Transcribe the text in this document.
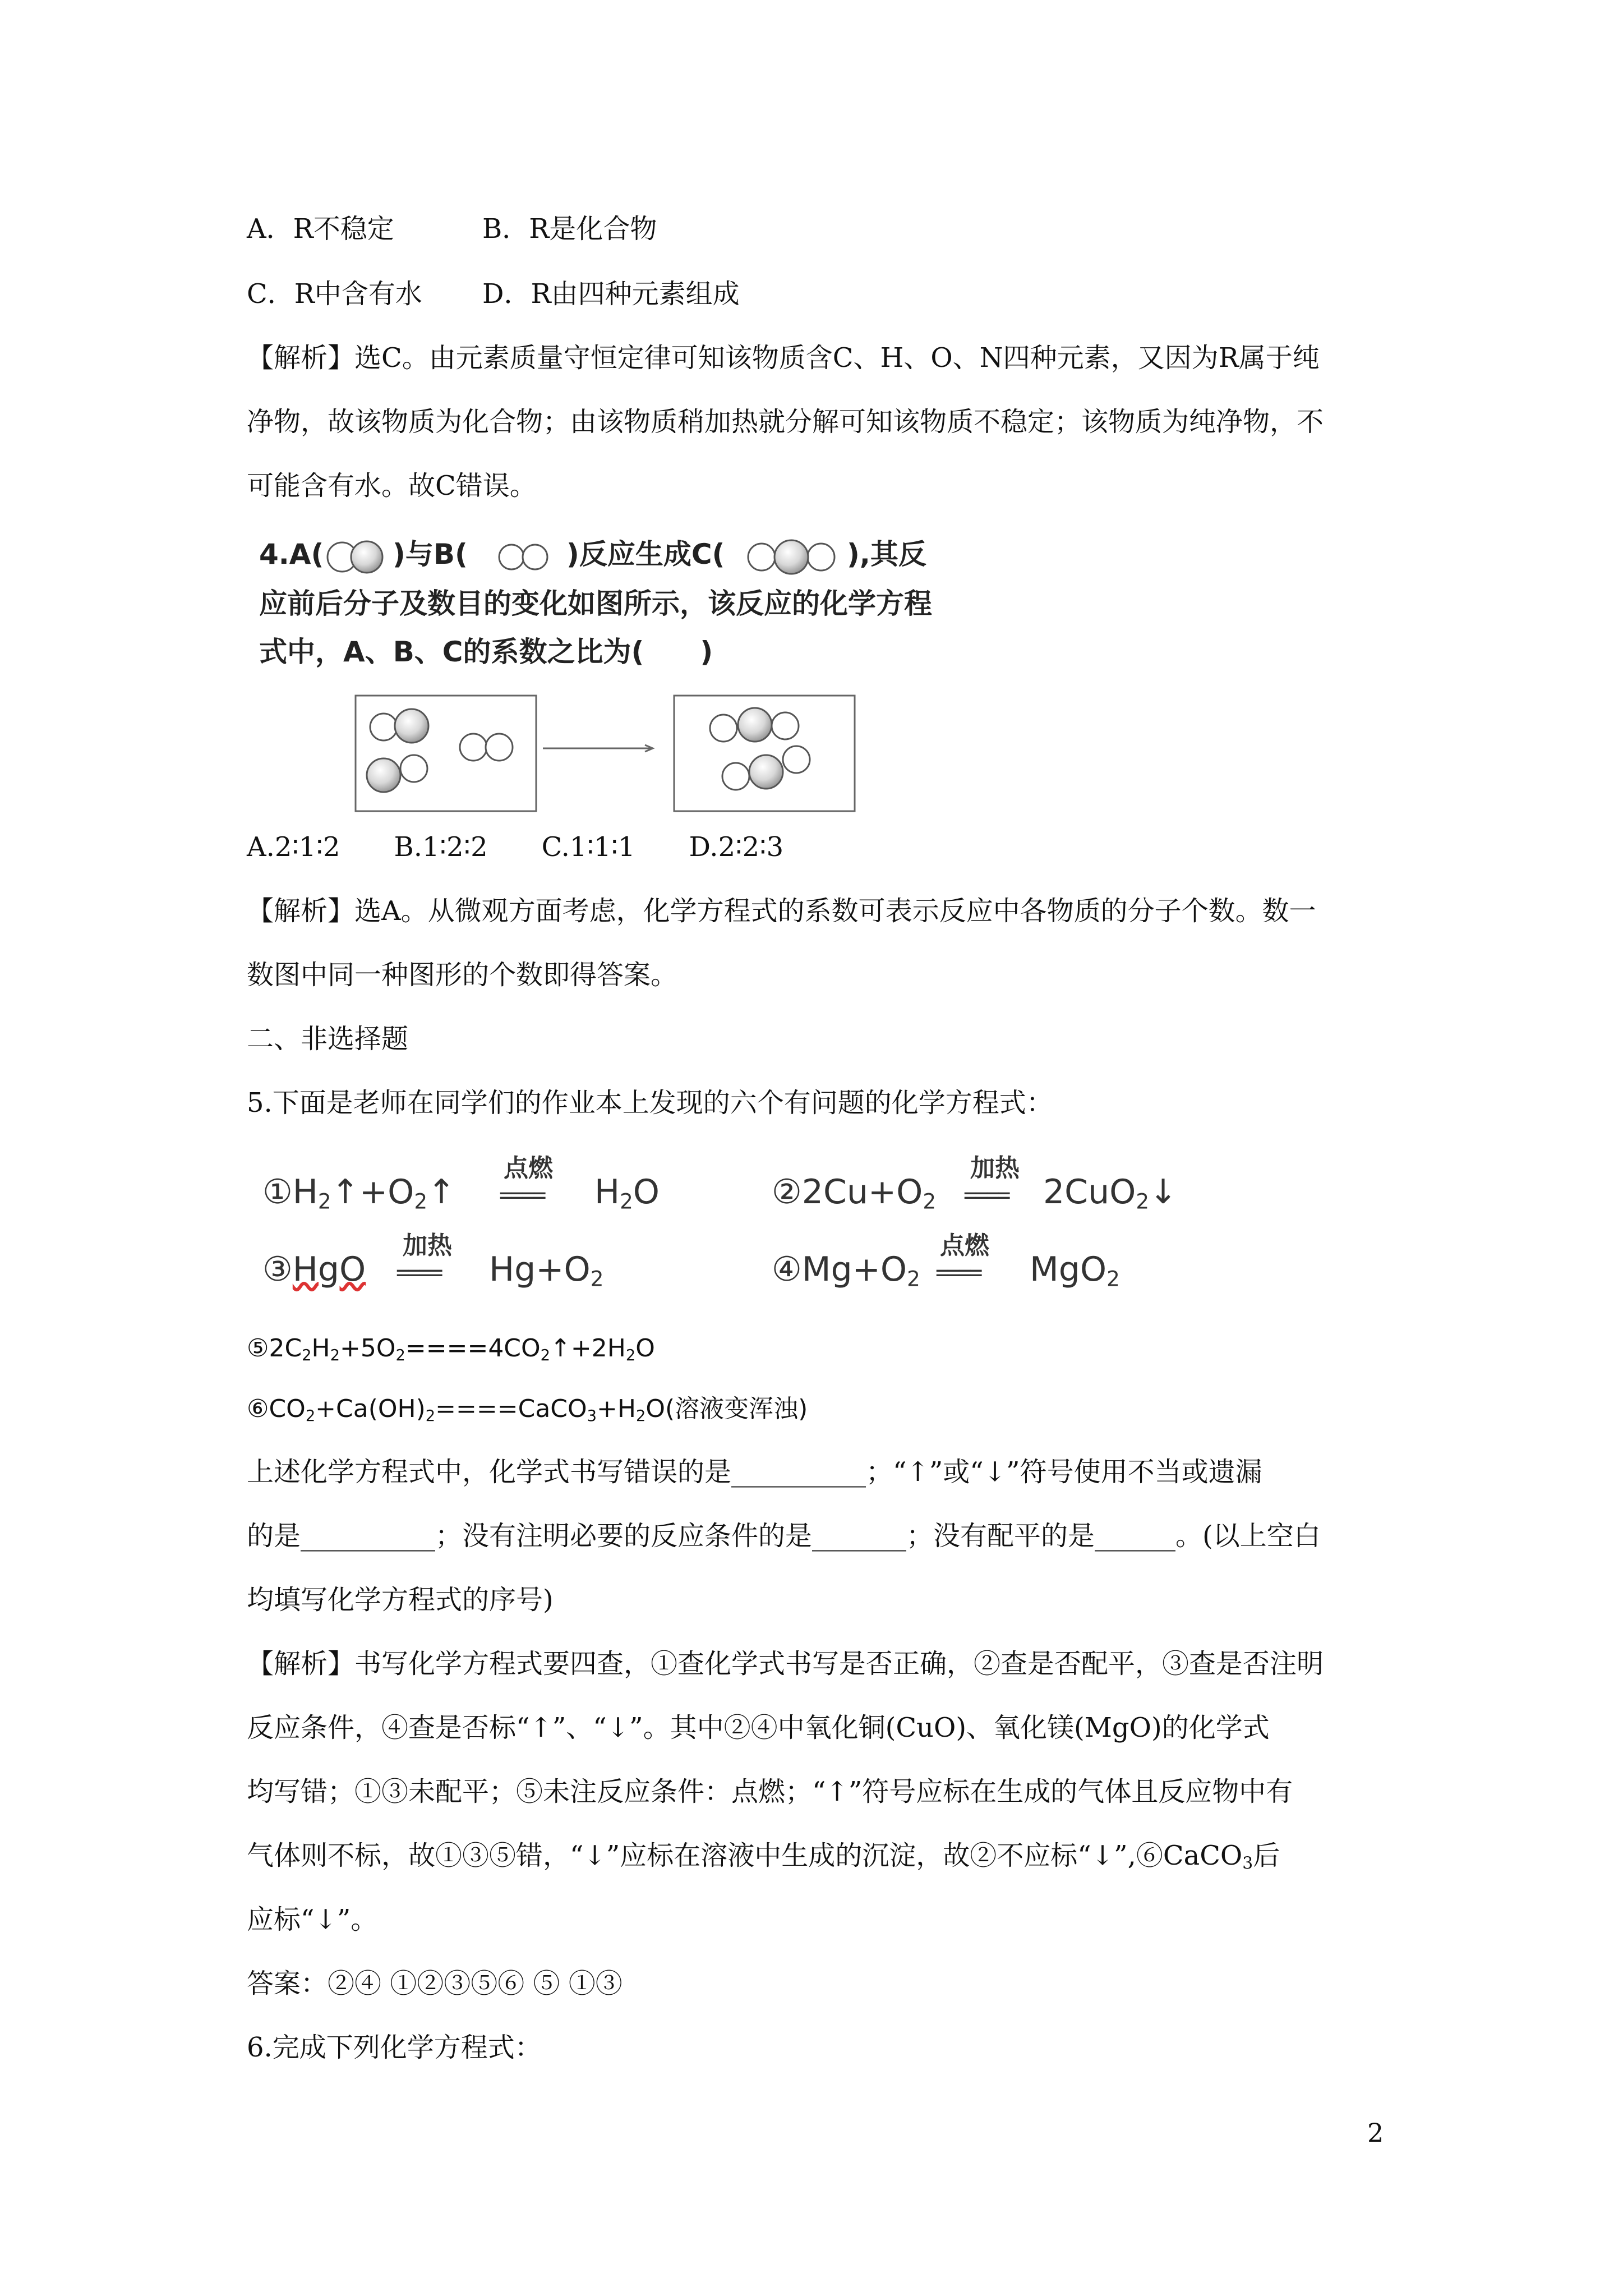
A．R不稳定	B．R是化合物
C．R中含有水 D．R由四种元素组成
【解析】选C。由元素质量守恒定律可知该物质含C、H、O、N四种元素，又因为R属于纯
净物，故该物质为化合物；由该物质稍加热就分解可知该物质不稳定；该物质为纯净物，不
可能含有水。故C错误。
4.A( )与B(	)反应生成C(	),其反
应前后分子及数目的变化如图所示，该反应的化学方程
式中，A、B、C的系数之比为(　　)
A.2∶1∶2　　B.1∶2∶2　　C.1∶1∶1　　D.2∶2∶3
【解析】选A。从微观方面考虑，化学方程式的系数可表示反应中各物质的分子个数。数一
数图中同一种图形的个数即得答案。
二、非选择题
5.下面是老师在同学们的作业本上发现的六个有问题的化学方程式：
$①H_2↑+O_2↑$
点燃
==== $H_2O$	$②2Cu+O_2$
加热
==== 2CuO$_2$↓
③HgO
加热
==== $Hg+O_2$	$④Mg+O_2$
点燃
==== MgO$_2$
$⑤2C_2H_2+5O_2====4CO_2↑+2H_2O$
$⑥CO_2+Ca(OH)_2====CaCO_3+H_2O$(溶液变浑浊)
上述化学方程式中，化学式书写错误的是__________；“↑”或“↓”符号使用不当或遗漏
的是__________；没有注明必要的反应条件的是_______；没有配平的是______。(以上空白
均填写化学方程式的序号)
【解析】书写化学方程式要四查，①查化学式书写是否正确，②查是否配平，③查是否注明
反应条件，④查是否标“↑”、“↓”。其中②④中氧化铜(CuO)、氧化镁(MgO)的化学式
均写错；①③未配平；⑤未注反应条件：点燃；“↑”符号应标在生成的气体且反应物中有
气体则不标，故①③⑤错，“↓”应标在溶液中生成的沉淀，故②不应标“↓”,⑥CaCO$_3$后
应标“↓”。
答案：②④ ①②③⑤⑥ ⑤ ①③
6.完成下列化学方程式：
2
